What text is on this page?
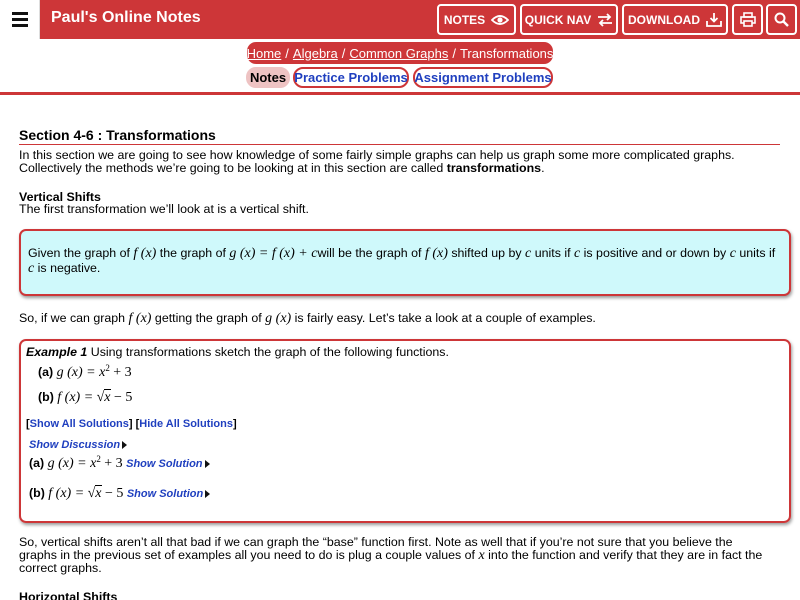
Paul's Online Notes	NOTES	QUICK NAV	DOWNLOAD
Home / Algebra / Common Graphs / Transformations
Notes Practice Problems Assignment Problems
Section 4-6 : Transformations
In this section we are going to see how knowledge of some fairly simple graphs can help us graph some more complicated graphs.
Collectively the methods we’re going to be looking at in this section are called transformations.
Vertical Shifts
The first transformation we’ll look at is a vertical shift.
Given the graph of f (x) the graph of g (x) = f (x) + cwill be the graph of f (x) shifted up by c units if c is positive and or down by c units if c is negative.
So, if we can graph f (x) getting the graph of g (x) is fairly easy. Let’s take a look at a couple of examples.
Example 1 Using transformations sketch the graph of the following functions.
(a) g $(x) = x^2 + 3$
(b) f (x) = √x − 5
[Show All Solutions] [Hide All Solutions]
Show Discussion
(a) g $(x) = x^2 + 3$ Show Solution
(b) f (x) = √x − 5 Show Solution
So, vertical shifts aren’t all that bad if we can graph the “base” function first. Note as well that if you’re not sure that you believe the
graphs in the previous set of examples all you need to do is plug a couple values of x into the function and verify that they are in fact the
correct graphs.
Horizontal Shifts
